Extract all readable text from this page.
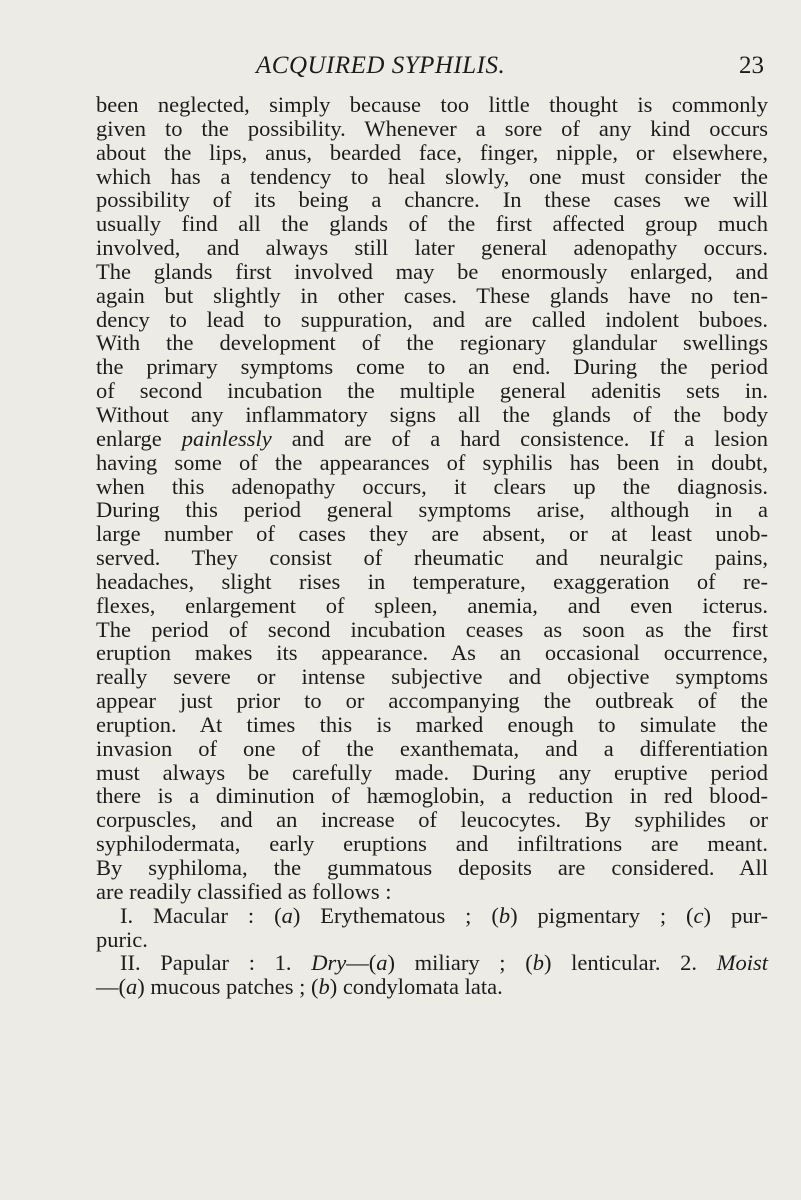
ACQUIRED SYPHILIS.	23
been neglected, simply because too little thought is commonly
given to the possibility. Whenever a sore of any kind occurs
about the lips, anus, bearded face, finger, nipple, or elsewhere,
which has a tendency to heal slowly, one must consider the
possibility of its being a chancre. In these cases we will
usually find all the glands of the first affected group much
involved, and always still later general adenopathy occurs.
The glands first involved may be enormously enlarged, and
again but slightly in other cases. These glands have no ten-
dency to lead to suppuration, and are called indolent buboes.
With the development of the regionary glandular swellings
the primary symptoms come to an end. During the period
of second incubation the multiple general adenitis sets in.
Without any inflammatory signs all the glands of the body
enlarge painlessly and are of a hard consistence. If a lesion
having some of the appearances of syphilis has been in doubt,
when this adenopathy occurs, it clears up the diagnosis.
During this period general symptoms arise, although in a
large number of cases they are absent, or at least unob-
served. They consist of rheumatic and neuralgic pains,
headaches, slight rises in temperature, exaggeration of re-
flexes, enlargement of spleen, anemia, and even icterus.
The period of second incubation ceases as soon as the first
eruption makes its appearance. As an occasional occurrence,
really severe or intense subjective and objective symptoms
appear just prior to or accompanying the outbreak of the
eruption. At times this is marked enough to simulate the
invasion of one of the exanthemata, and a differentiation
must always be carefully made. During any eruptive period
there is a diminution of hæmoglobin, a reduction in red blood-
corpuscles, and an increase of leucocytes. By syphilides or
syphilodermata, early eruptions and infiltrations are meant.
By syphiloma, the gummatous deposits are considered. All
are readily classified as follows :
I. Macular : (a) Erythematous ; (b) pigmentary ; (c) pur-
puric.
II. Papular : 1. Dry—(a) miliary ; (b) lenticular. 2. Moist
—(a) mucous patches ; (b) condylomata lata.
